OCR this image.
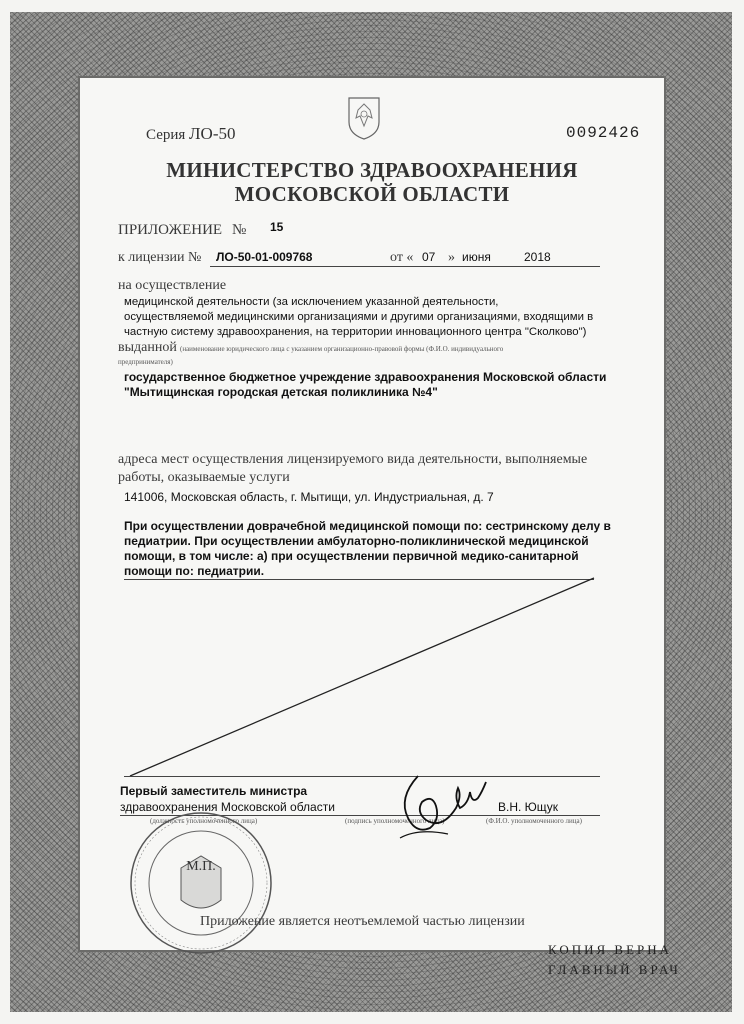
Серия ЛО-50	0092426
МИНИСТЕРСТВО ЗДРАВООХРАНЕНИЯ
МОСКОВСКОЙ ОБЛАСТИ
ПРИЛОЖЕНИЕ № 15
к лицензии № ЛО-50-01-009768	от « 07 » июня	2018
на осуществление
медицинской деятельности (за исключением указанной деятельности,
осуществляемой медицинскими организациями и другими организациями, входящими в
частную систему здравоохранения, на территории инновационного центра "Сколково")
выданной (наименование юридического лица с указанием организационно-правовой формы (Ф.И.О. индивидуального
предпринимателя)
государственное бюджетное учреждение здравоохранения Московской области
"Мытищинская городская детская поликлиника №4"
адреса мест осуществления лицензируемого вида деятельности, выполняемые
работы, оказываемые услуги
141006, Московская область, г. Мытищи, ул. Индустриальная, д. 7
При осуществлении доврачебной медицинской помощи по: сестринскому делу в
педиатрии. При осуществлении амбулаторно-поликлинической медицинской
помощи, в том числе: а) при осуществлении первичной медико-санитарной
помощи по: педиатрии.
Первый заместитель министра
здравоохранения Московской области	В.Н. Ющук
(должность уполномоченного лица)	(подпись уполномоченного лица)	(Ф.И.О. уполномоченного лица)
М.П.
Приложение является неотъемлемой частью лицензии
КОПИЯ ВЕРНА
ГЛАВНЫЙ ВРАЧ
